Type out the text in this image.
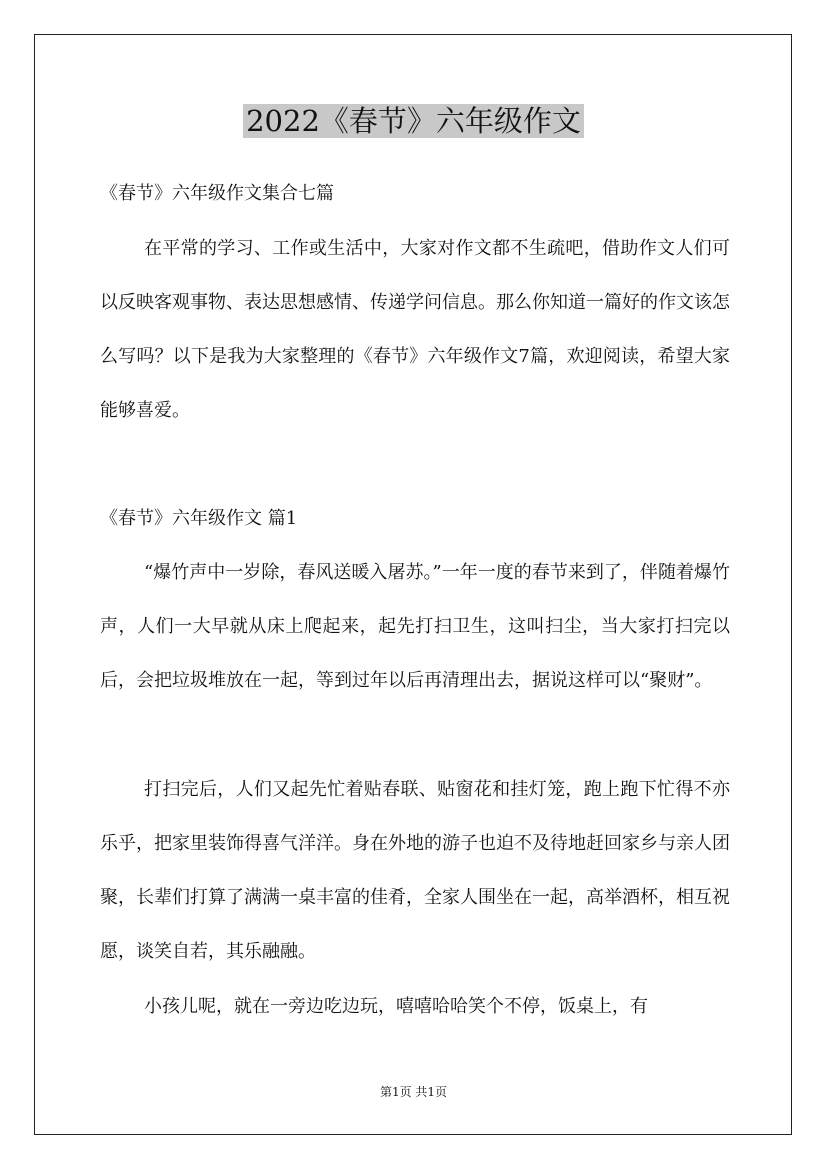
2022《春节》六年级作文
《春节》六年级作文集合七篇

在平常的学习、工作或生活中，大家对作文都不生疏吧，借助作文人们可以反映客观事物、表达思想感情、传递学问信息。那么你知道一篇好的作文该怎么写吗？以下是我为大家整理的《春节》六年级作文7篇，欢迎阅读，希望大家能够喜爱。

《春节》六年级作文 篇1

“爆竹声中一岁除，春风送暖入屠苏。”一年一度的春节来到了，伴随着爆竹声，人们一大早就从床上爬起来，起先打扫卫生，这叫扫尘，当大家打扫完以后，会把垃圾堆放在一起，等到过年以后再清理出去，据说这样可以“聚财”。

打扫完后，人们又起先忙着贴春联、贴窗花和挂灯笼，跑上跑下忙得不亦乐乎，把家里装饰得喜气洋洋。身在外地的游子也迫不及待地赶回家乡与亲人团聚，长辈们打算了满满一桌丰富的佳肴，全家人围坐在一起，高举酒杯，相互祝愿，谈笑自若，其乐融融。

小孩儿呢，就在一旁边吃边玩，嘻嘻哈哈笑个不停，饭桌上，有

第1页 共1页
